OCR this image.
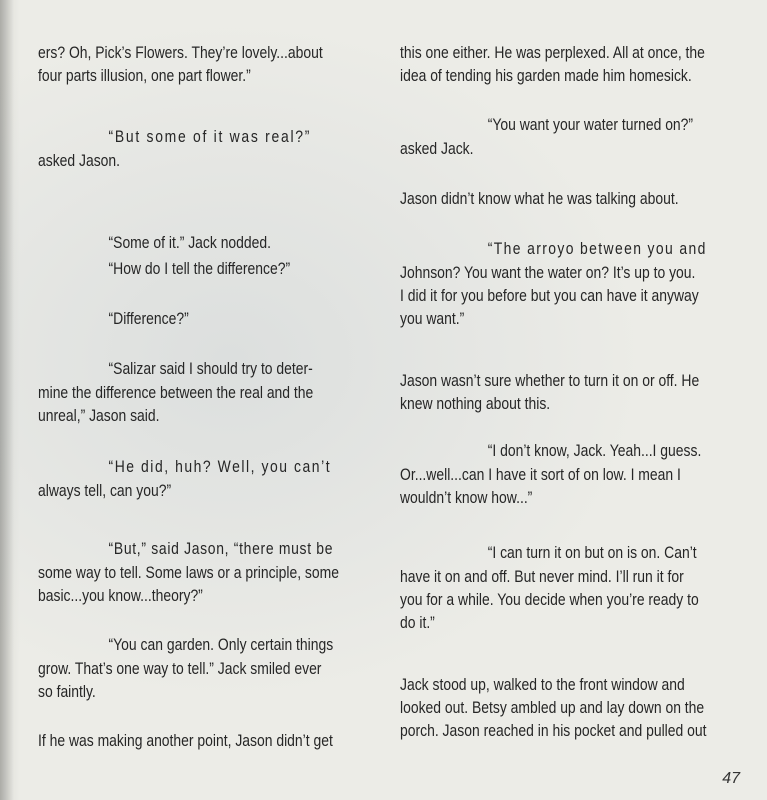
ers? Oh, Pick’s Flowers. They’re lovely...about
four parts illusion, one part flower.”
“But some of it was real?”
asked Jason.
“Some of it.” Jack nodded.
“How do I tell the difference?”
“Difference?”
“Salizar said I should try to deter-
mine the difference between the real and the
unreal,” Jason said.
“He did, huh? Well, you can’t
always tell, can you?”
“But,” said Jason, “there must be
some way to tell. Some laws or a principle, some
basic...you know...theory?”
“You can garden. Only certain things
grow. That’s one way to tell.” Jack smiled ever
so faintly.
If he was making another point, Jason didn’t get
this one either. He was perplexed. All at once, the
idea of tending his garden made him homesick.
“You want your water turned on?”
asked Jack.
Jason didn’t know what he was talking about.
“The arroyo between you and
Johnson? You want the water on? It’s up to you.
I did it for you before but you can have it anyway
you want.”
Jason wasn’t sure whether to turn it on or off. He
knew nothing about this.
“I don’t know, Jack. Yeah...I guess.
Or...well...can I have it sort of on low. I mean I
wouldn’t know how...”
“I can turn it on but on is on. Can’t
have it on and off. But never mind. I’ll run it for
you for a while. You decide when you’re ready to
do it.”
Jack stood up, walked to the front window and
looked out. Betsy ambled up and lay down on the
porch. Jason reached in his pocket and pulled out
47
